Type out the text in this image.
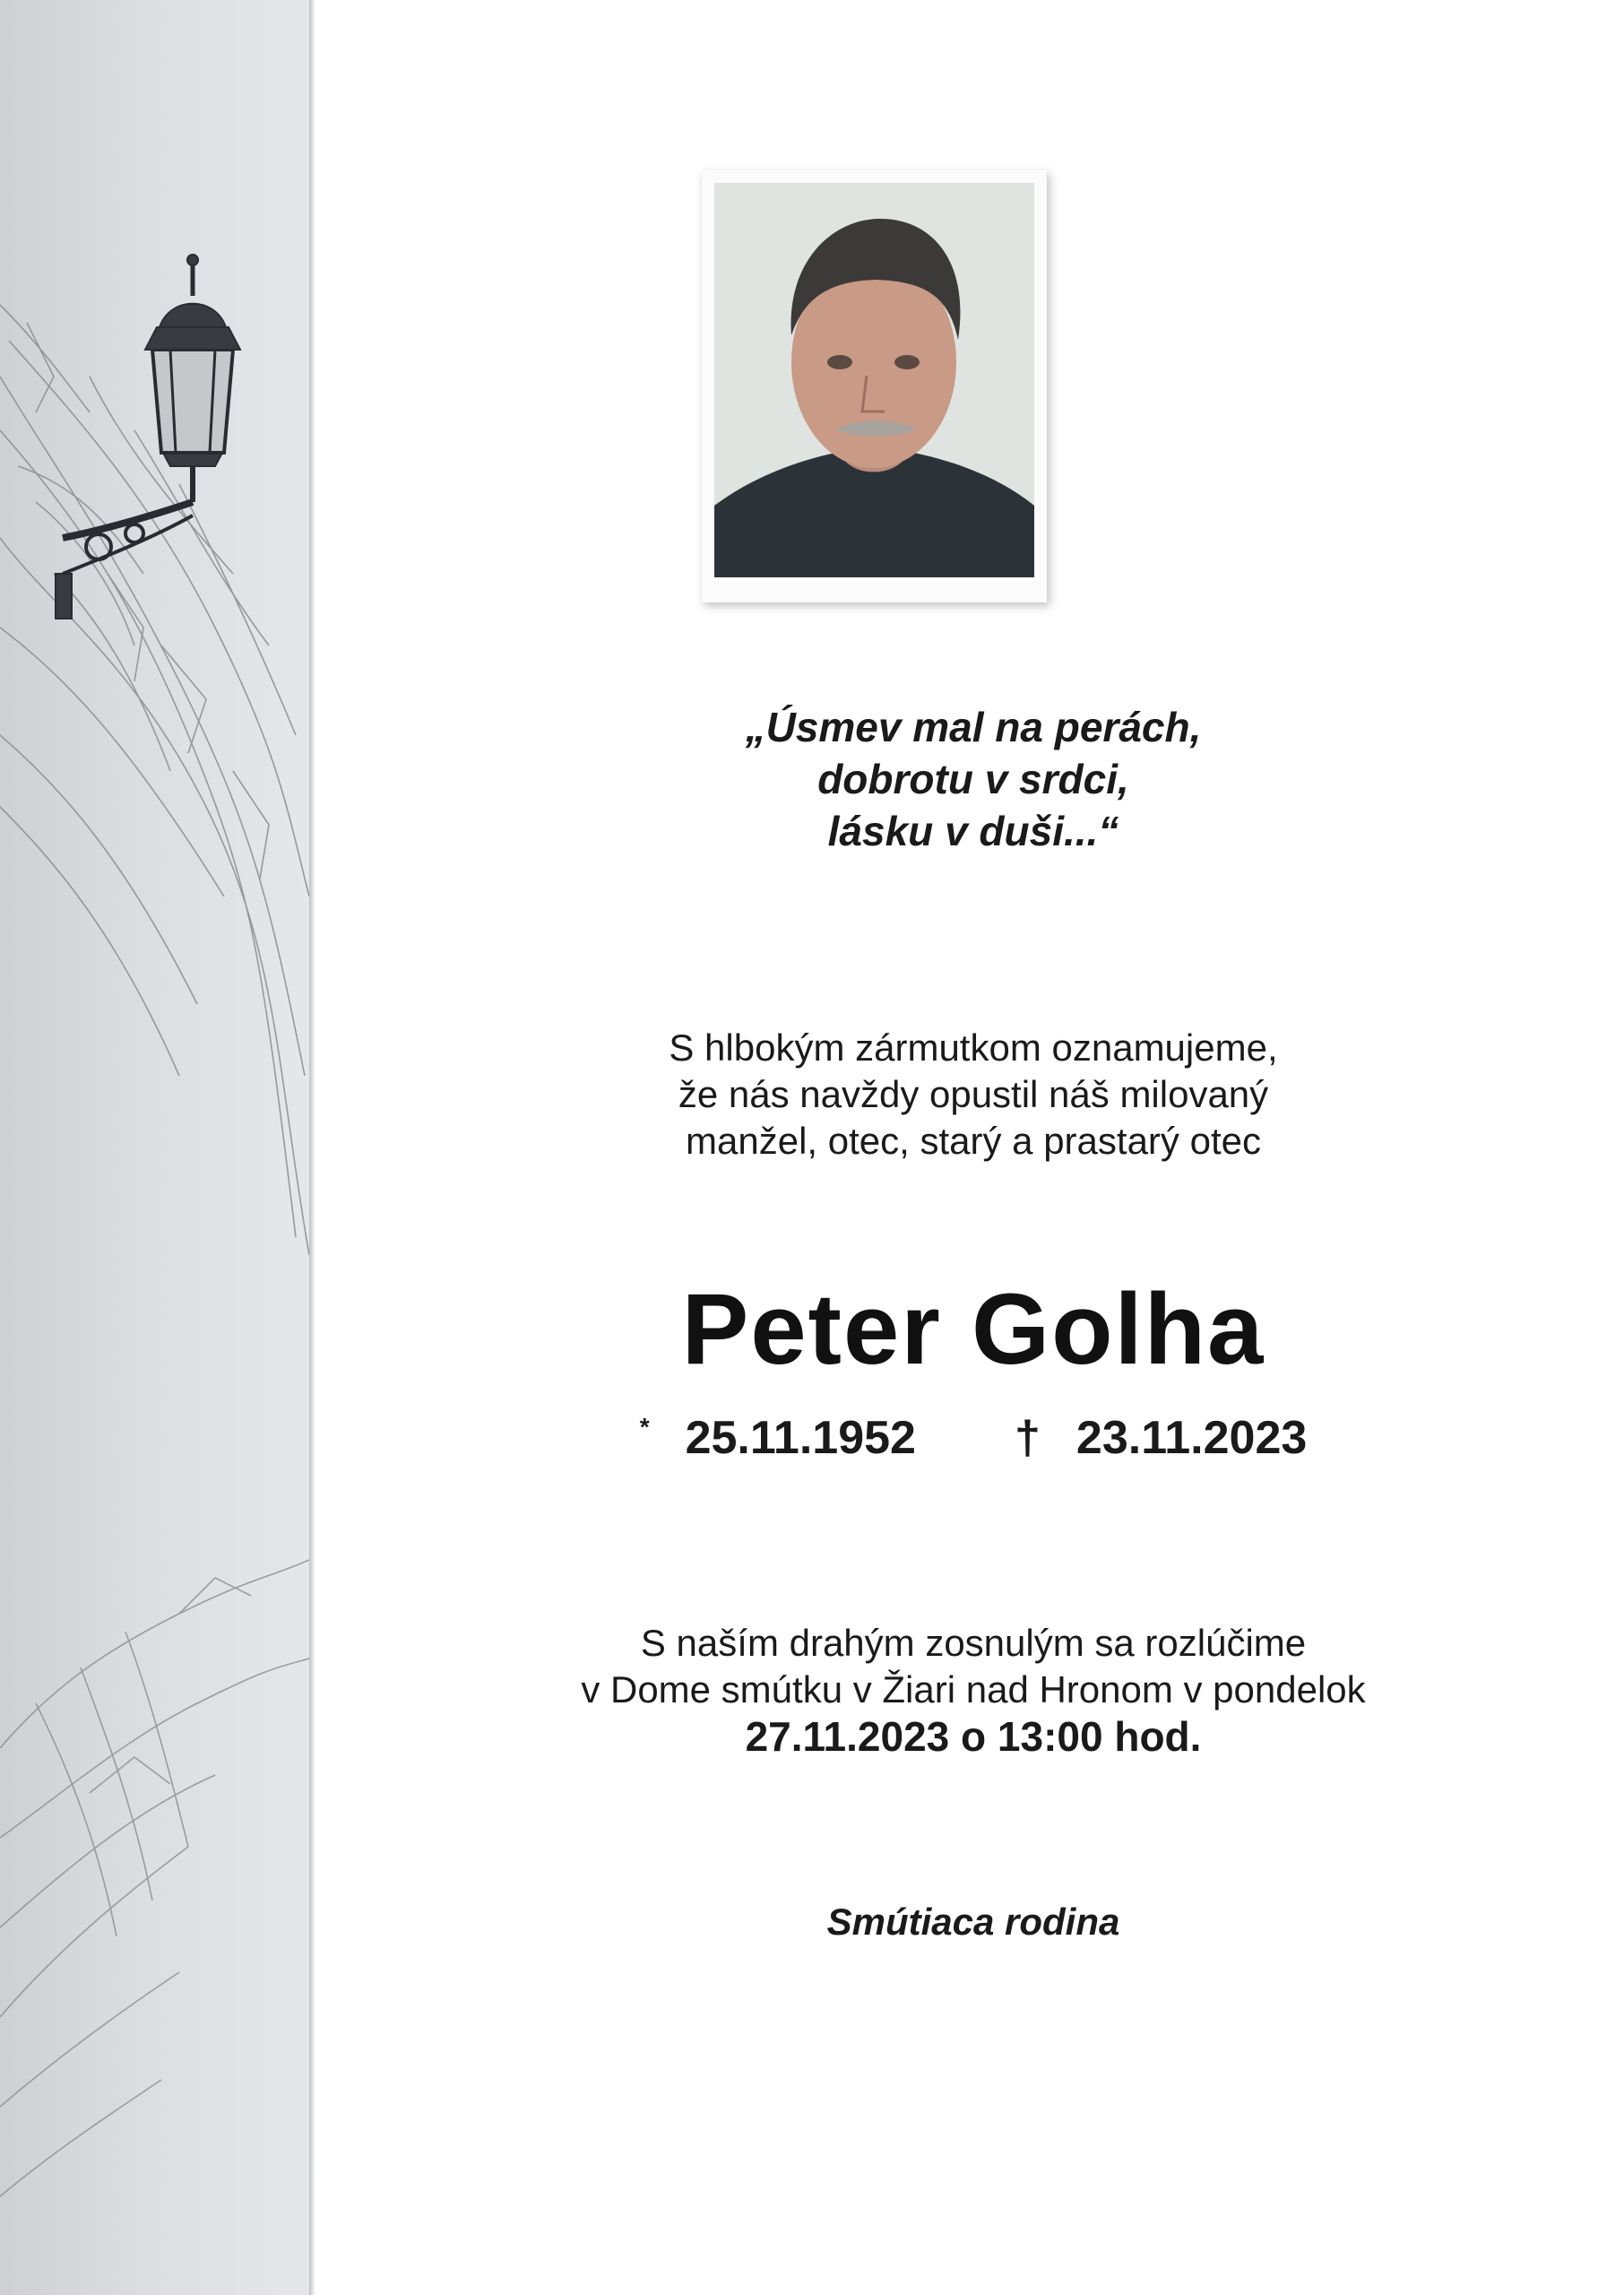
„Úsmev mal na perách,
dobrotu v srdci,
lásku v duši...“
S hlbokým zármutkom oznamujeme,
že nás navždy opustil náš milovaný
manžel, otec, starý a prastarý otec
Peter Golha
* 25.11.1952 † 23.11.2023
S naším drahým zosnulým sa rozlúčime
v Dome smútku v Žiari nad Hronom v pondelok
27.11.2023 o 13:00 hod.
Smútiaca rodina
